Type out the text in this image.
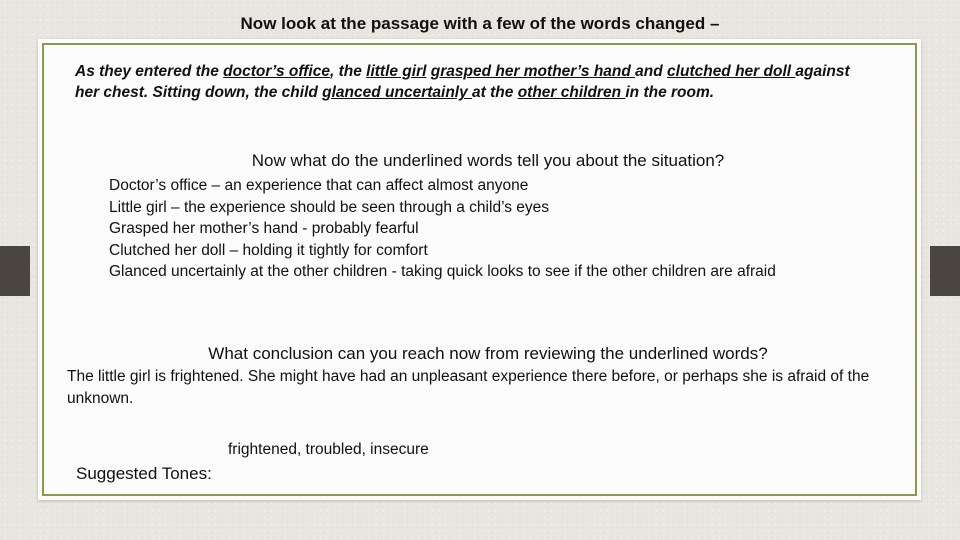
Now look at the passage with a few of the words changed –

As they entered the doctor’s office, the little girl grasped her mother’s hand and clutched her doll against her chest. Sitting down, the child glanced uncertainly at the other children in the room.

Now what do the underlined words tell you about the situation?

Doctor’s office – an experience that can affect almost anyone
Little girl – the experience should be seen through a child’s eyes
Grasped her mother’s hand - probably fearful
Clutched her doll – holding it tightly for comfort
Glanced uncertainly at the other children - taking quick looks to see if the other children are afraid

What conclusion can you reach now from reviewing the underlined words?

The little girl is frightened. She might have had an unpleasant experience there before, or perhaps she is afraid of the unknown.

frightened, troubled, insecure

Suggested Tones:
